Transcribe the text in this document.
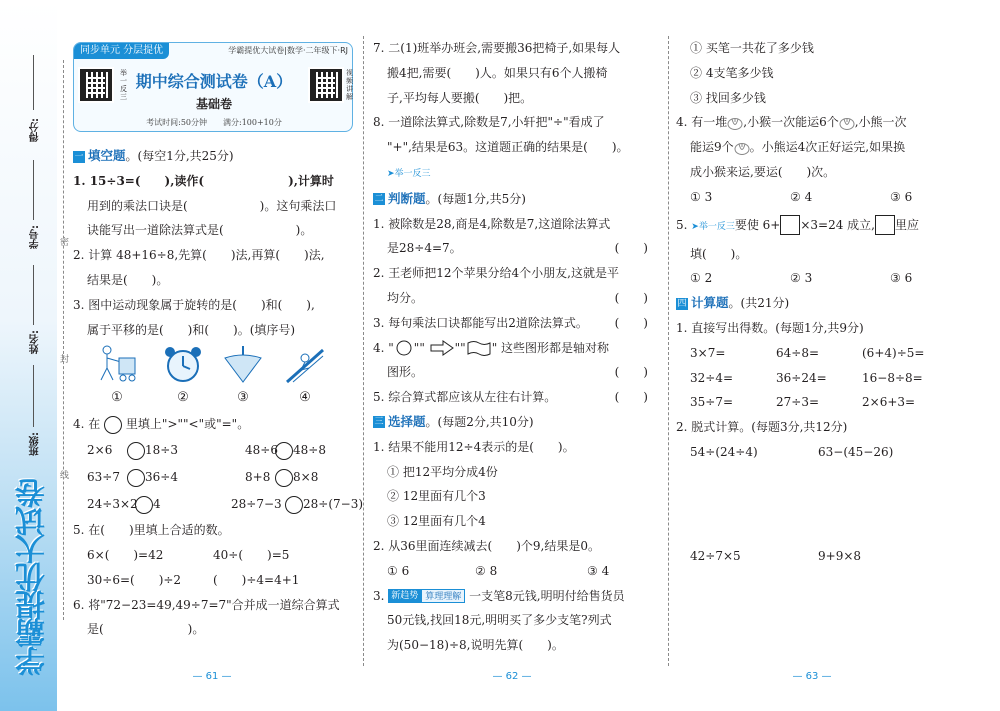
得分:
学号:
姓名:
班级:
学霸提优大试卷
密
封
线
同步单元 分层提优	学霸提优大试卷|数学·二年级下·RJ
举一反三
视频讲解
期中综合测试卷（A）
基础卷
考试时间:50分钟　　满分:100+10分

一 填空题。(每空1分,共25分)

1. 15÷3=(　　),读作(　　　　　　　),计算时

用到的乘法口诀是(　　　　　　)。这句乘法口

诀能写出一道除法算式是(　　　　　　)。

2. 计算 48+16÷8,先算(　　)法,再算(　　)法,

结果是(　　)。

3. 图中运动现象属于旋转的是(　　)和(　　),

属于平移的是(　　)和(　　)。(填序号)

①	②	③	④

4. 在 里填上">""<"或"="。

2×6	18÷3	48÷6 48÷8

63÷7 36÷4	8+8 8×8

24÷3×2 4	28÷7−3 28÷(7−3)

5. 在(　　)里填上合适的数。

6×(　　)=42	40÷(　　)=5

30÷6=(　　)÷2	(　　)÷4=4+1

6. 将"72−23=49,49÷7=7"合并成一道综合算式

是(　　　　　　　)。

— 61 —

7. 二(1)班举办班会,需要搬36把椅子,如果每人

搬4把,需要(　　)人。如果只有6个人搬椅

子,平均每人要搬(　　)把。

8. 一道除法算式,除数是7,小轩把"÷"看成了

"+",结果是63。这道题正确的结果是(　　)。

➤举一反三

二 判断题。(每题1分,共5分)

1. 被除数是28,商是4,除数是7,这道除法算式

是28÷4=7。	(　　)

2. 王老师把12个苹果分给4个小朋友,这就是平

均分。	(　　)

3. 每句乘法口诀都能写出2道除法算式。 (　　)

4. " "" "" " 这些图形都是轴对称

图形。	(　　)

5. 综合算式都应该从左往右计算。	(　　)

三 选择题。(每题2分,共10分)

1. 结果不能用12÷4表示的是(　　)。

① 把12平均分成4份

② 12里面有几个3

③ 12里面有几个4

2. 从36里面连续减去(　　)个9,结果是0。

① 6	② 8	③ 4

3. 新趋势 算理理解 一支笔8元钱,明明付给售货员

50元钱,找回18元,明明买了多少支笔?列式

为(50−18)÷8,说明先算(　　)。

— 62 —

① 买笔一共花了多少钱

② 4支笔多少钱

③ 找回多少钱

4. 有一堆 ,小猴一次能运6个 ,小熊一次

能运9个 。小熊运4次正好运完,如果换

成小猴来运,要运(　　)次。

① 3	② 4	③ 6

5. ➤举一反三要使 6+ ×3=24 成立, 里应

填(　　)。

① 2	② 3	③ 6

四 计算题。(共21分)

1. 直接写出得数。(每题1分,共9分)

3×7=	64÷8=	(6+4)÷5=

32÷4=	36÷24=	16−8÷8=

35÷7=	27÷3=	2×6+3=

2. 脱式计算。(每题3分,共12分)

54÷(24÷4)	63−(45−26)

42÷7×5	9+9×8

— 63 —
